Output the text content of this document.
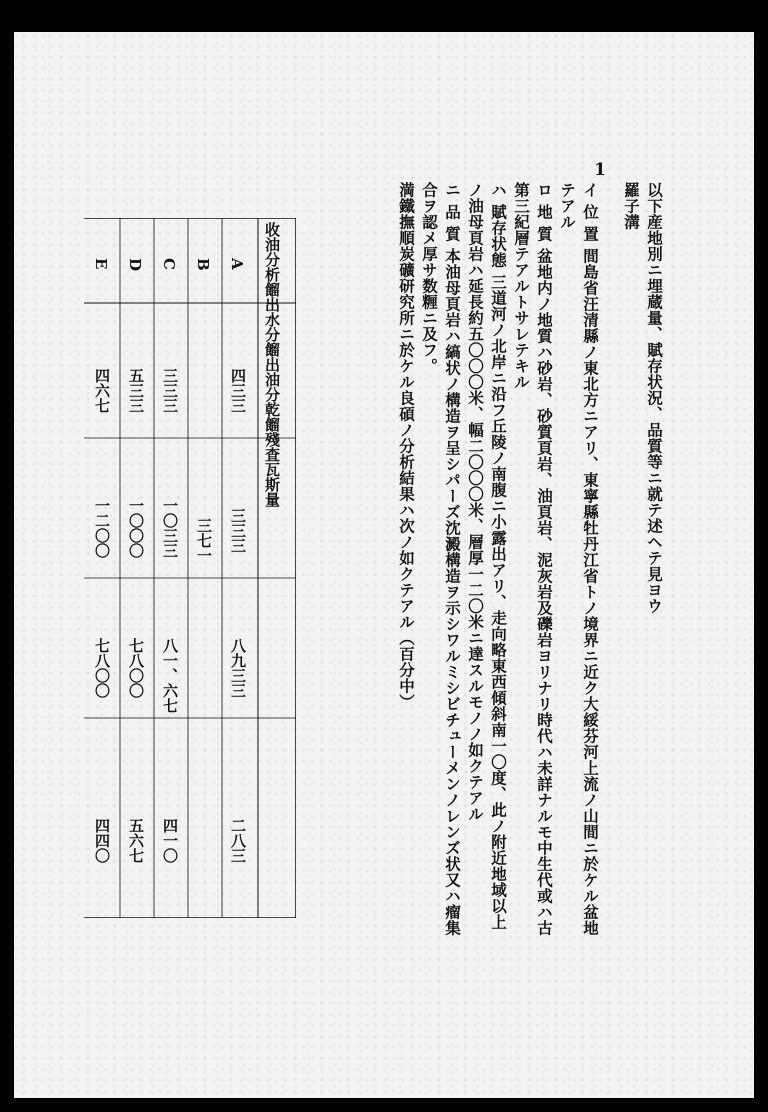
1

以下産地別ニ埋蔵量、賦存状況、品質等ニ就テ述ヘテ見ヨウ

羅子溝

イ 位 置 間島省汪清縣ノ東北方ニアリ、東寧縣牡丹江省トノ境界ニ近ク大綏芬河上流ノ山間ニ於ケル盆地テアル

ロ 地 質 盆地内ノ地質ハ砂岩、砂質頁岩、油頁岩、泥灰岩及礫岩ヨリナリ時代ハ未詳ナルモ中生代或ハ古第三紀層テアルトサレテキル

ハ 賦存状態 三道河ノ北岸ニ沿フ丘陵ノ南腹ニ小露出アリ、走向略東西傾斜南一〇度、此ノ附近地域以上ノ油母頁岩ハ延長約五〇〇〇米、幅二〇〇〇米、層厚一二〇米ニ達スルモノノ如クテアル

ニ 品 質 本油母頁岩ハ縞状ノ構造ヲ呈シパーズ沈澱構造ヲ示シワルミシビチューメンノレンズ状又ハ瘤集合ヲ認メ厚サ数糎ニ及フ。

満鐵撫順炭礦研究所ニ於ケル良碩ノ分析結果ハ次ノ如クテアル（百分中）

收油分析餾出水分餾出油分乾餾殘査瓦斯量
A
四三三
三三三
八九三三
二八三
B
三七一
C
三三三
一〇三三
八一、六七
四一〇
D
五三三
一〇〇〇
七八〇〇
五六七
E
四六七
一二〇〇
七八〇〇
四四〇
